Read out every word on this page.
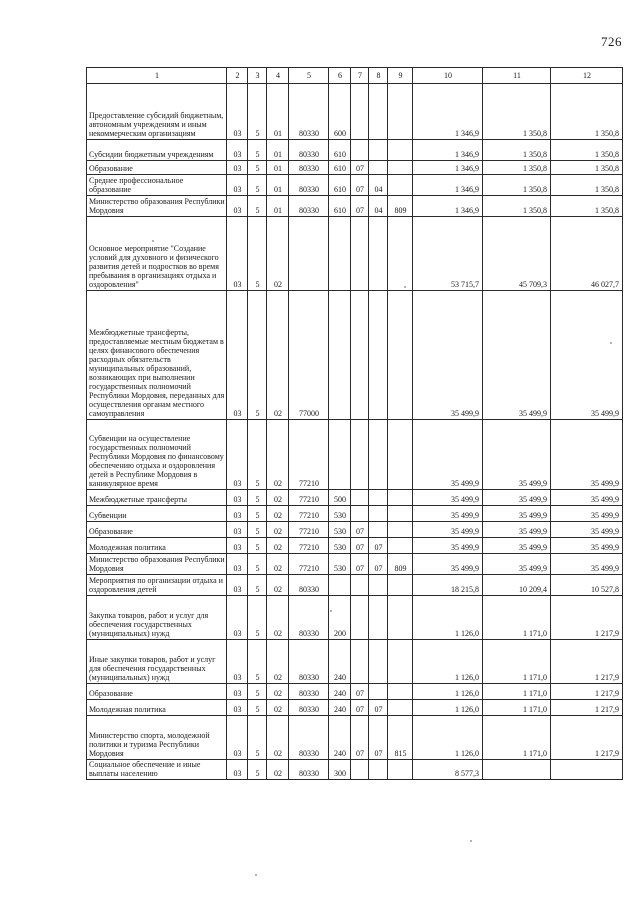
726
1	2	3	4	5	6	7	8	9	10	11	12
Предоставление субсидий бюджетным, автономным учреждениям и иным некоммерческим организациям	03	5	01	80330	600				1 346,9	1 350,8	1 350,8
Субсидии бюджетным учреждениям	03	5	01	80330	610				1 346,9	1 350,8	1 350,8
Образование	03	5	01	80330	610	07			1 346,9	1 350,8	1 350,8
Среднее профессиональное образование	03	5	01	80330	610	07	04		1 346,9	1 350,8	1 350,8
Министерство образования Республики Мордовия	03	5	01	80330	610	07	04	809	1 346,9	1 350,8	1 350,8
Основное мероприятие "Создание условий для духовного и физического развития детей и подростков во время пребывания в организациях отдыха и оздоровления"	03	5	02						53 715,7	45 709,3	46 027,7
Межбюджетные трансферты, предоставляемые местным бюджетам в целях финансового обеспечения расходных обязательств муниципальных образований, возникающих при выполнении государственных полномочий Республики Мордовия, переданных для осуществления органам местного самоуправления	03	5	02	77000					35 499,9	35 499,9	35 499,9
Субвенции на осуществление государственных полномочий Республики Мордовия по финансовому обеспечению отдыха и оздоровления детей в Республике Мордовия в каникулярное время	03	5	02	77210					35 499,9	35 499,9	35 499,9
Межбюджетные трансферты	03	5	02	77210	500				35 499,9	35 499,9	35 499,9
Субвенции	03	5	02	77210	530				35 499,9	35 499,9	35 499,9
Образование	03	5	02	77210	530	07			35 499,9	35 499,9	35 499,9
Молодежная политика	03	5	02	77210	530	07	07		35 499,9	35 499,9	35 499,9
Министерство образования Республики Мордовия	03	5	02	77210	530	07	07	809	35 499,9	35 499,9	35 499,9
Мероприятия по организации отдыха и оздоровления детей	03	5	02	80330					18 215,8	10 209,4	10 527,8
Закупка товаров, работ и услуг для обеспечения государственных (муниципальных) нужд	03	5	02	80330	200				1 126,0	1 171,0	1 217,9
Иные закупки товаров, работ и услуг для обеспечения государственных (муниципальных) нужд	03	5	02	80330	240				1 126,0	1 171,0	1 217,9
Образование	03	5	02	80330	240	07			1 126,0	1 171,0	1 217,9
Молодежная политика	03	5	02	80330	240	07	07		1 126,0	1 171,0	1 217,9
Министерство спорта, молодежной политики и туризма Республики Мордовия	03	5	02	80330	240	07	07	815	1 126,0	1 171,0	1 217,9
Социальное обеспечение и иные выплаты населению	03	5	02	80330	300				8 577,3		
